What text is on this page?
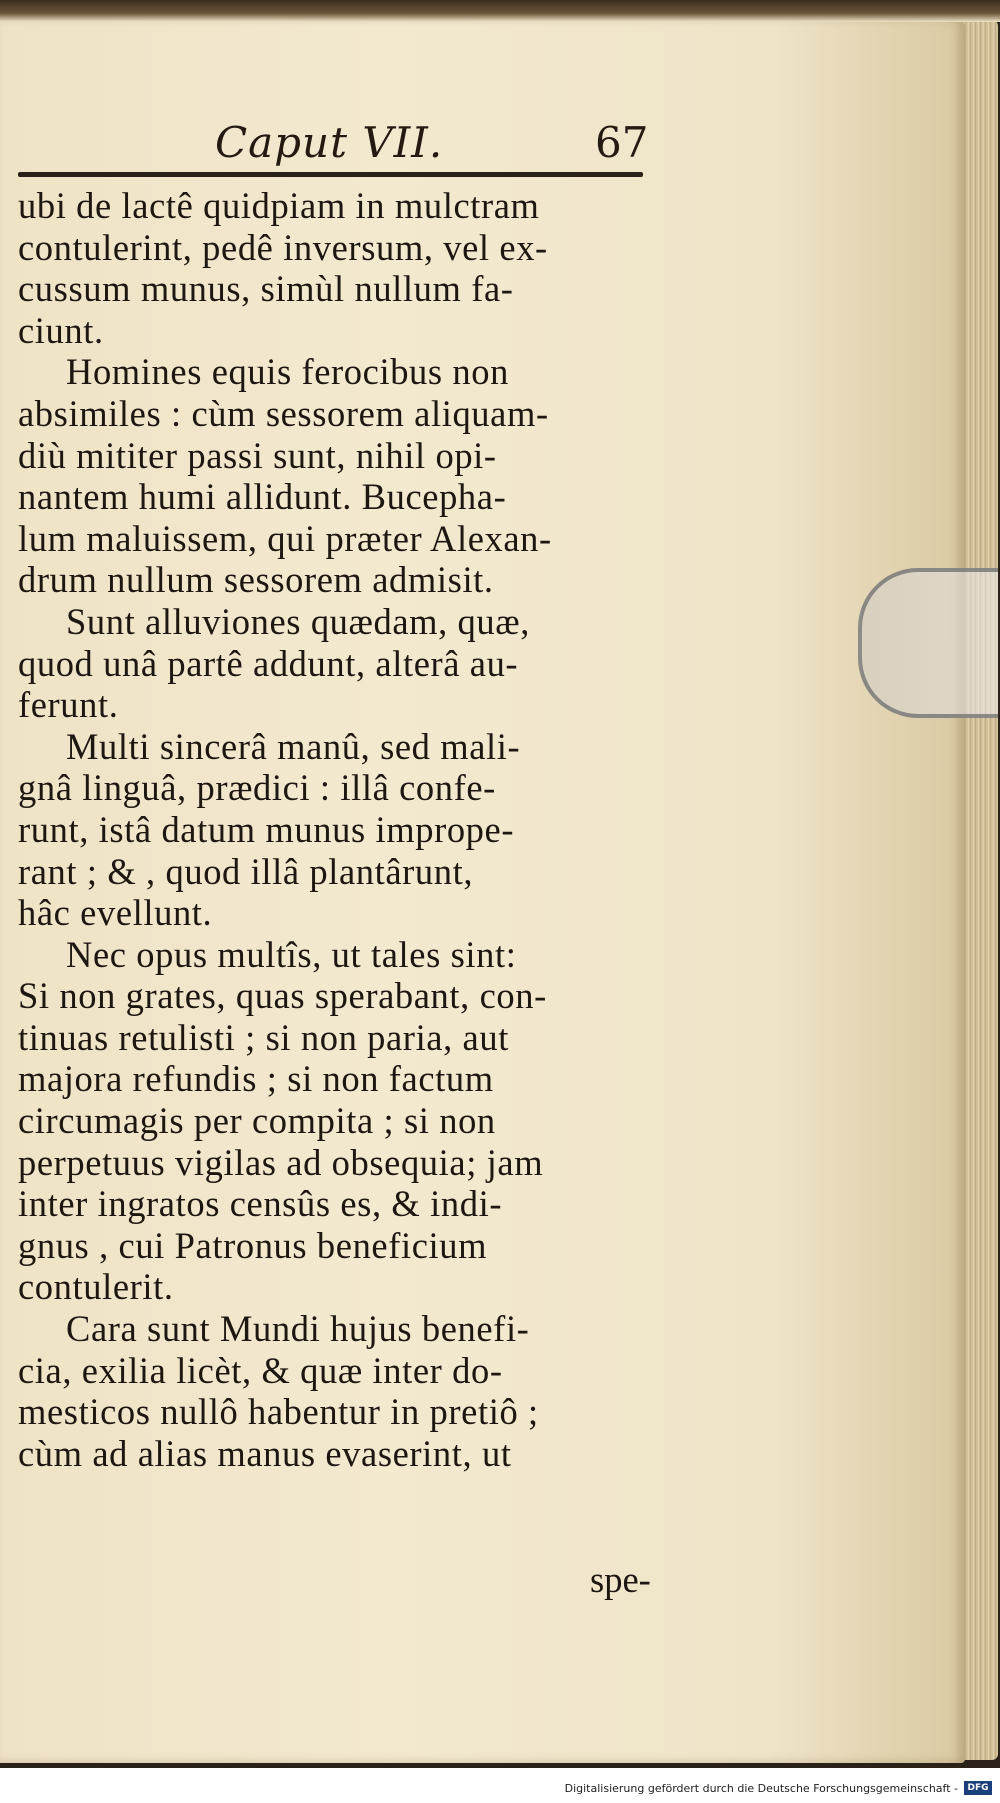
Caput VII.	67
ubi de lactê quidpiam in mulctram
contulerint, pedê inversum, vel ex-
cussum munus, simùl nullum fa-
ciunt.
Homines equis ferocibus non
absimiles : cùm sessorem aliquam-
diù mititer passi sunt, nihil opi-
nantem humi allidunt. Bucepha-
lum maluissem, qui præter Alexan-
drum nullum sessorem admisit.
Sunt alluviones quædam, quæ,
quod unâ partê addunt, alterâ au-
ferunt.
Multi sincerâ manû, sed mali-
gnâ linguâ, prædici : illâ confe-
runt, istâ datum munus imprope-
rant ; & , quod illâ plantârunt,
hâc evellunt.
Nec opus multîs, ut tales sint:
Si non grates, quas sperabant, con-
tinuas retulisti ; si non paria, aut
majora refundis ; si non factum
circumagis per compita ; si non
perpetuus vigilas ad obsequia; jam
inter ingratos censûs es, & indi-
gnus , cui Patronus beneficium
contulerit.
Cara sunt Mundi hujus benefi-
cia, exilia licèt, & quæ inter do-
mesticos nullô habentur in pretiô ;
cùm ad alias manus evaserint, ut
spe-
Digitalisierung gefördert durch die Deutsche Forschungsgemeinschaft -	DFG
